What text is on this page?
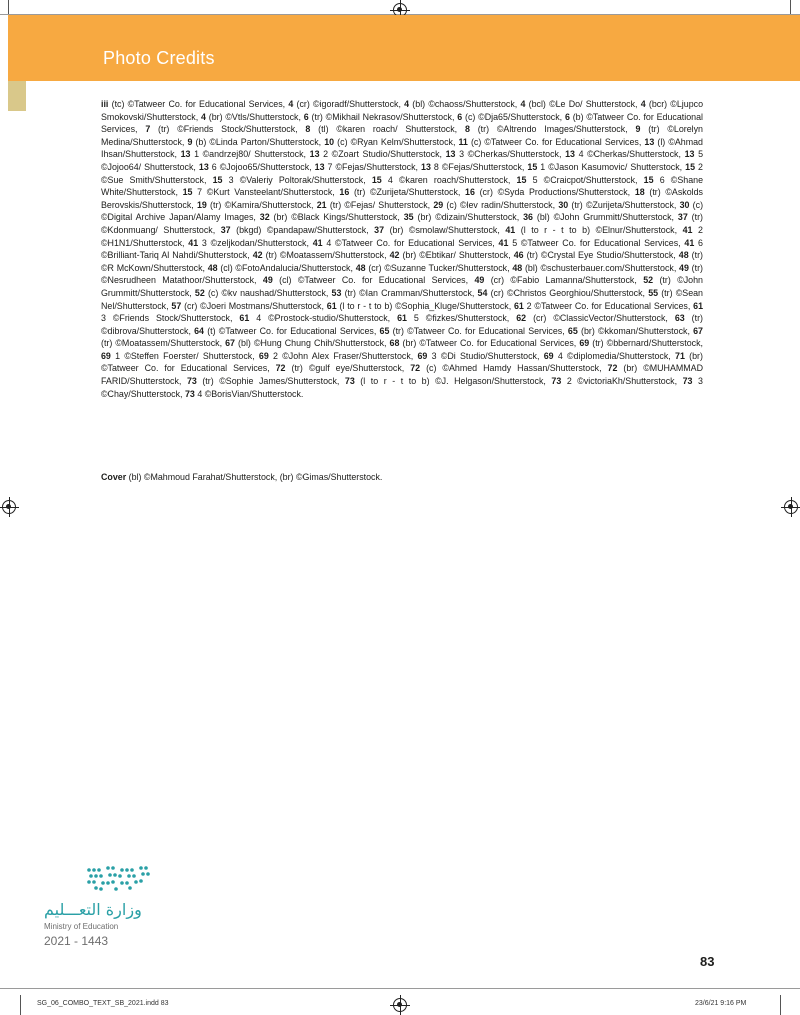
Photo Credits

iii (tc) ©Tatweer Co. for Educational Services, 4 (cr) ©igoradf/Shutterstock, 4 (bl) ©chaoss/Shutterstock, 4 (bcl) ©Le Do/ Shutterstock, 4 (bcr) ©Ljupco Smokovski/Shutterstock, 4 (br) ©Vtls/Shutterstock, 6 (tr) ©Mikhail Nekrasov/Shutterstock, 6 (c) ©Dja65/Shutterstock, 6 (b) ©Tatweer Co. for Educational Services, 7 (tr) ©Friends Stock/Shutterstock, 8 (tl) ©karen roach/ Shutterstock, 8 (tr) ©Altrendo Images/Shutterstock, 9 (tr) ©Lorelyn Medina/Shutterstock, 9 (b) ©Linda Parton/Shutterstock, 10 (c) ©Ryan Kelm/Shutterstock, 11 (c) ©Tatweer Co. for Educational Services, 13 (l) ©Ahmad Ihsan/Shutterstock, 13 1 ©andrzej80/ Shutterstock, 13 2 ©Zoart Studio/Shutterstock, 13 3 ©Cherkas/Shutterstock, 13 4 ©Cherkas/Shutterstock, 13 5 ©Jojoo64/ Shutterstock, 13 6 ©Jojoo65/Shutterstock, 13 7 ©Fejas/Shutterstock, 13 8 ©Fejas/Shutterstock, 15 1 ©Jason Kasumovic/ Shutterstock, 15 2 ©Sue Smith/Shutterstock, 15 3 ©Valeriy Poltorak/Shutterstock, 15 4 ©karen roach/Shutterstock, 15 5 ©Craicpot/Shutterstock, 15 6 ©Shane White/Shutterstock, 15 7 ©Kurt Vansteelant/Shutterstock, 16 (tr) ©Zurijeta/Shutterstock, 16 (cr) ©Syda Productions/Shutterstock, 18 (tr) ©Askolds Berovskis/Shutterstock, 19 (tr) ©Kamira/Shutterstock, 21 (tr) ©Fejas/ Shutterstock, 29 (c) ©lev radin/Shutterstock, 30 (tr) ©Zurijeta/Shutterstock, 30 (c) ©Digital Archive Japan/Alamy Images, 32 (br) ©Black Kings/Shutterstock, 35 (br) ©dizain/Shutterstock, 36 (bl) ©John Grummitt/Shutterstock, 37 (tr) ©Kdonmuang/ Shutterstock, 37 (bkgd) ©pandapaw/Shutterstock, 37 (br) ©smolaw/Shutterstock, 41 (l to r - t to b) ©Elnur/Shutterstock, 41 2 ©H1N1/Shutterstock, 41 3 ©zeljkodan/Shutterstock, 41 4 ©Tatweer Co. for Educational Services, 41 5 ©Tatweer Co. for Educational Services, 41 6 ©Brilliant-Tariq Al Nahdi/Shutterstock, 42 (tr) ©Moatassem/Shutterstock, 42 (br) ©Ebtikar/ Shutterstock, 46 (tr) ©Crystal Eye Studio/Shutterstock, 48 (tr) ©R McKown/Shutterstock, 48 (cl) ©FotoAndalucia/Shutterstock, 48 (cr) ©Suzanne Tucker/Shutterstock, 48 (bl) ©schusterbauer.com/Shutterstock, 49 (tr) ©Nesrudheen Matathoor/Shutterstock, 49 (cl) ©Tatweer Co. for Educational Services, 49 (cr) ©Fabio Lamanna/Shutterstock, 52 (tr) ©John Grummitt/Shutterstock, 52 (c) ©kv naushad/Shutterstock, 53 (tr) ©Ian Cramman/Shutterstock, 54 (cr) ©Christos Georghiou/Shutterstock, 55 (tr) ©Sean Nel/Shutterstock, 57 (cr) ©Joeri Mostmans/Shutterstock, 61 (l to r - t to b) ©Sophia_Kluge/Shutterstock, 61 2 ©Tatweer Co. for Educational Services, 61 3 ©Friends Stock/Shutterstock, 61 4 ©Prostock-studio/Shutterstock, 61 5 ©fizkes/Shutterstock, 62 (cr) ©ClassicVector/Shutterstock, 63 (tr) ©dibrova/Shutterstock, 64 (t) ©Tatweer Co. for Educational Services, 65 (tr) ©Tatweer Co. for Educational Services, 65 (br) ©kkoman/Shutterstock, 67 (tr) ©Moatassem/Shutterstock, 67 (bl) ©Hung Chung Chih/Shutterstock, 68 (br) ©Tatweer Co. for Educational Services, 69 (tr) ©bbernard/Shutterstock, 69 1 ©Steffen Foerster/ Shutterstock, 69 2 ©John Alex Fraser/Shutterstock, 69 3 ©Di Studio/Shutterstock, 69 4 ©diplomedia/Shutterstock, 71 (br) ©Tatweer Co. for Educational Services, 72 (tr) ©gulf eye/Shutterstock, 72 (c) ©Ahmed Hamdy Hassan/Shutterstock, 72 (br) ©MUHAMMAD FARID/Shutterstock, 73 (tr) ©Sophie James/Shutterstock, 73 (l to r - t to b) ©J. Helgason/Shutterstock, 73 2 ©victoriaKh/Shutterstock, 73 3 ©Chay/Shutterstock, 73 4 ©BorisVian/Shutterstock.

Cover (bl) ©Mahmoud Farahat/Shutterstock, (br) ©Gimas/Shutterstock.

وزارة التعـــليم
Ministry of Education
2021 - 1443
83
SG_06_COMBO_TEXT_SB_2021.indd 83	23/6/21 9:16 PM
